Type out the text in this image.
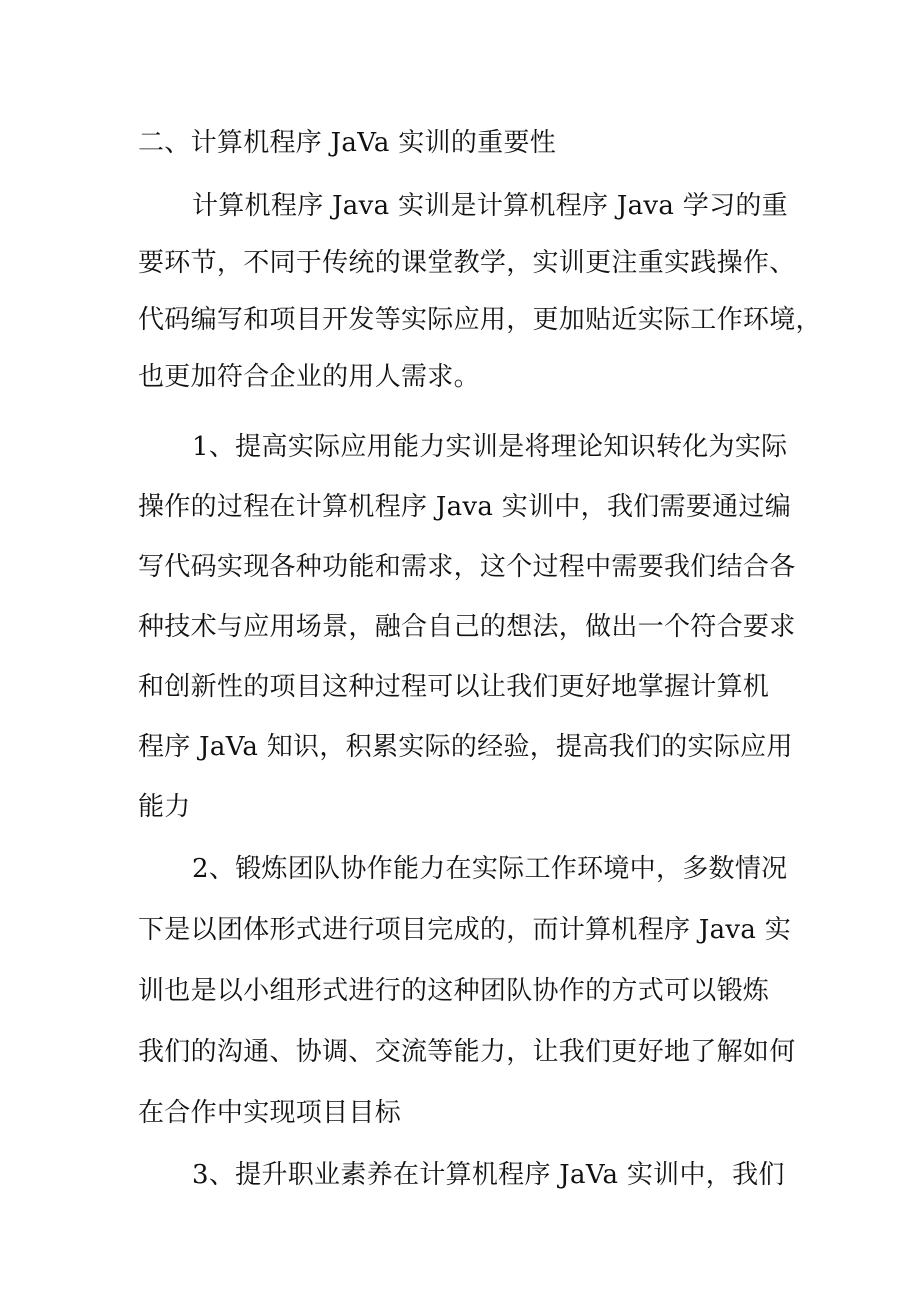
二、计算机程序 JaVa 实训的重要性
计算机程序 Java 实训是计算机程序 Java 学习的重
要环节，不同于传统的课堂教学，实训更注重实践操作、
代码编写和项目开发等实际应用，更加贴近实际工作环境，
也更加符合企业的用人需求。
1、提高实际应用能力实训是将理论知识转化为实际
操作的过程在计算机程序 Java 实训中，我们需要通过编
写代码实现各种功能和需求，这个过程中需要我们结合各
种技术与应用场景，融合自己的想法，做出一个符合要求
和创新性的项目这种过程可以让我们更好地掌握计算机
程序 JaVa 知识，积累实际的经验，提高我们的实际应用
能力
2、锻炼团队协作能力在实际工作环境中，多数情况
下是以团体形式进行项目完成的，而计算机程序 Java 实
训也是以小组形式进行的这种团队协作的方式可以锻炼
我们的沟通、协调、交流等能力，让我们更好地了解如何
在合作中实现项目目标
3、提升职业素养在计算机程序 JaVa 实训中，我们
